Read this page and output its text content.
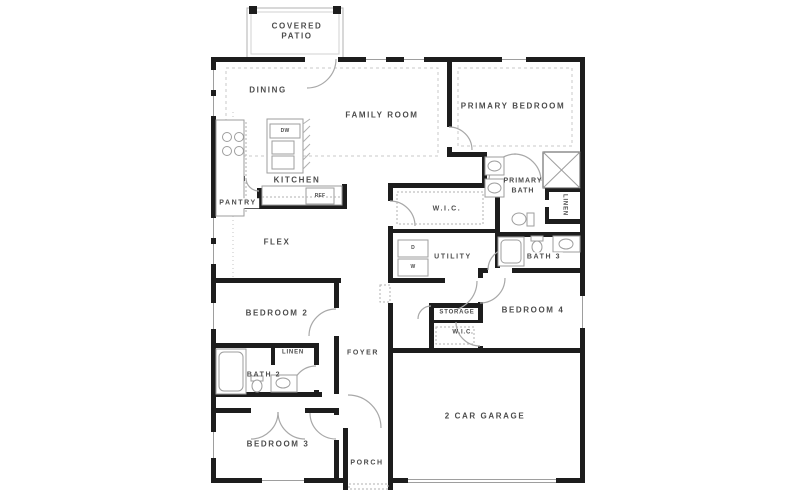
COVERED
PATIO
DINING
FAMILY ROOM
PRIMARY BEDROOM
KITCHEN
PANTRY
PRIMARY
BATH
LINEN
W.I.C.
FLEX
UTILITY	BATH 3
BEDROOM 2	STORAGE	BEDROOM 4
W.I.C.
FOYER
LINEN
BATH 2
BEDROOM 3
PORCH
2 CAR GARAGE
DW
REF
D
W
